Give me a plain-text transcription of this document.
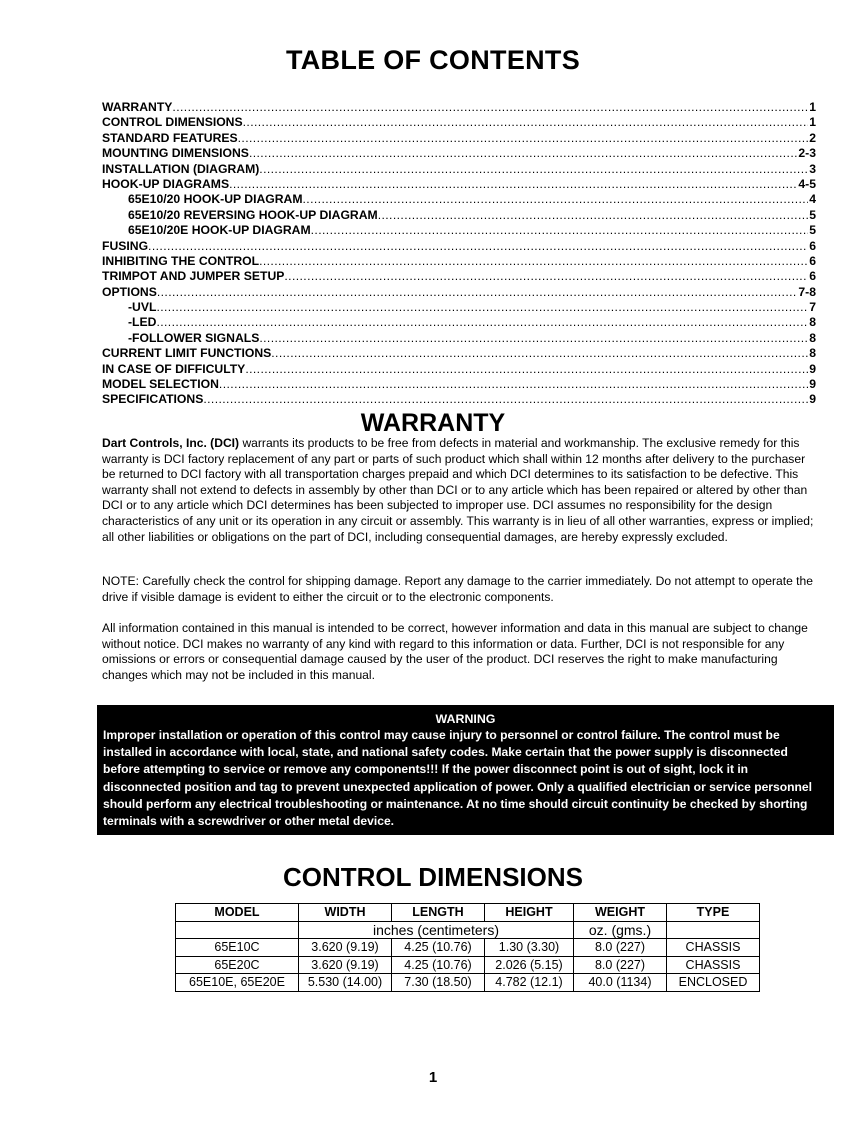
TABLE OF CONTENTS
WARRANTY .....	1
CONTROL DIMENSIONS .....	1
STANDARD FEATURES .....	2
MOUNTING DIMENSIONS .....	2-3
INSTALLATION (DIAGRAM) .....	3
HOOK-UP DIAGRAMS .....	4-5
65E10/20 HOOK-UP DIAGRAM .....	4
65E10/20 REVERSING HOOK-UP DIAGRAM .....	5
65E10/20E HOOK-UP DIAGRAM .....	5
FUSING .....	6
INHIBITING THE CONTROL .....	6
TRIMPOT AND JUMPER SETUP .....	6
OPTIONS .....	7-8
-UVL .....	7
-LED .....	8
-FOLLOWER SIGNALS .....	8
CURRENT LIMIT FUNCTIONS .....	8
IN CASE OF DIFFICULTY .....	9
MODEL SELECTION .....	9
SPECIFICATIONS .....	9
WARRANTY
Dart Controls, Inc. (DCI) warrants its products to be free from defects in material and workmanship. The exclusive remedy for this warranty is DCI factory replacement of any part or parts of such product which shall within 12 months after delivery to the purchaser be returned to DCI factory with all transportation charges prepaid and which DCI determines to its satisfaction to be defective. This warranty shall not extend to defects in assembly by other than DCI or to any article which has been repaired or altered by other than DCI or to any article which DCI determines has been subjected to improper use. DCI assumes no responsibility for the design characteristics of any unit or its operation in any circuit or assembly. This warranty is in lieu of all other warranties, express or implied; all other liabilities or obligations on the part of DCI, including consequential damages, are hereby expressly excluded.
NOTE: Carefully check the control for shipping damage. Report any damage to the carrier immediately. Do not attempt to operate the drive if visible damage is evident to either the circuit or to the electronic components.
All information contained in this manual is intended to be correct, however information and data in this manual are subject to change without notice. DCI makes no warranty of any kind with regard to this information or data. Further, DCI is not responsible for any omissions or errors or consequential damage caused by the user of the product. DCI reserves the right to make manufacturing changes which may not be included in this manual.
WARNING
Improper installation or operation of this control may cause injury to personnel or control failure. The control must be installed in accordance with local, state, and national safety codes. Make certain that the power supply is disconnected before attempting to service or remove any components!!! If the power disconnect point is out of sight, lock it in disconnected position and tag to prevent unexpected application of power. Only a qualified electrician or service personnel should perform any electrical troubleshooting or maintenance. At no time should circuit continuity be checked by shorting terminals with a screwdriver or other metal device.
CONTROL DIMENSIONS
MODEL	WIDTH	LENGTH	HEIGHT	WEIGHT	TYPE
	inches (centimeters)			oz. (gms.)	
65E10C	3.620 (9.19)	4.25 (10.76)	1.30 (3.30)	8.0 (227)	CHASSIS
65E20C	3.620 (9.19)	4.25 (10.76)	2.026 (5.15)	8.0 (227)	CHASSIS
65E10E, 65E20E	5.530 (14.00)	7.30 (18.50)	4.782 (12.1)	40.0 (1134)	ENCLOSED
1
